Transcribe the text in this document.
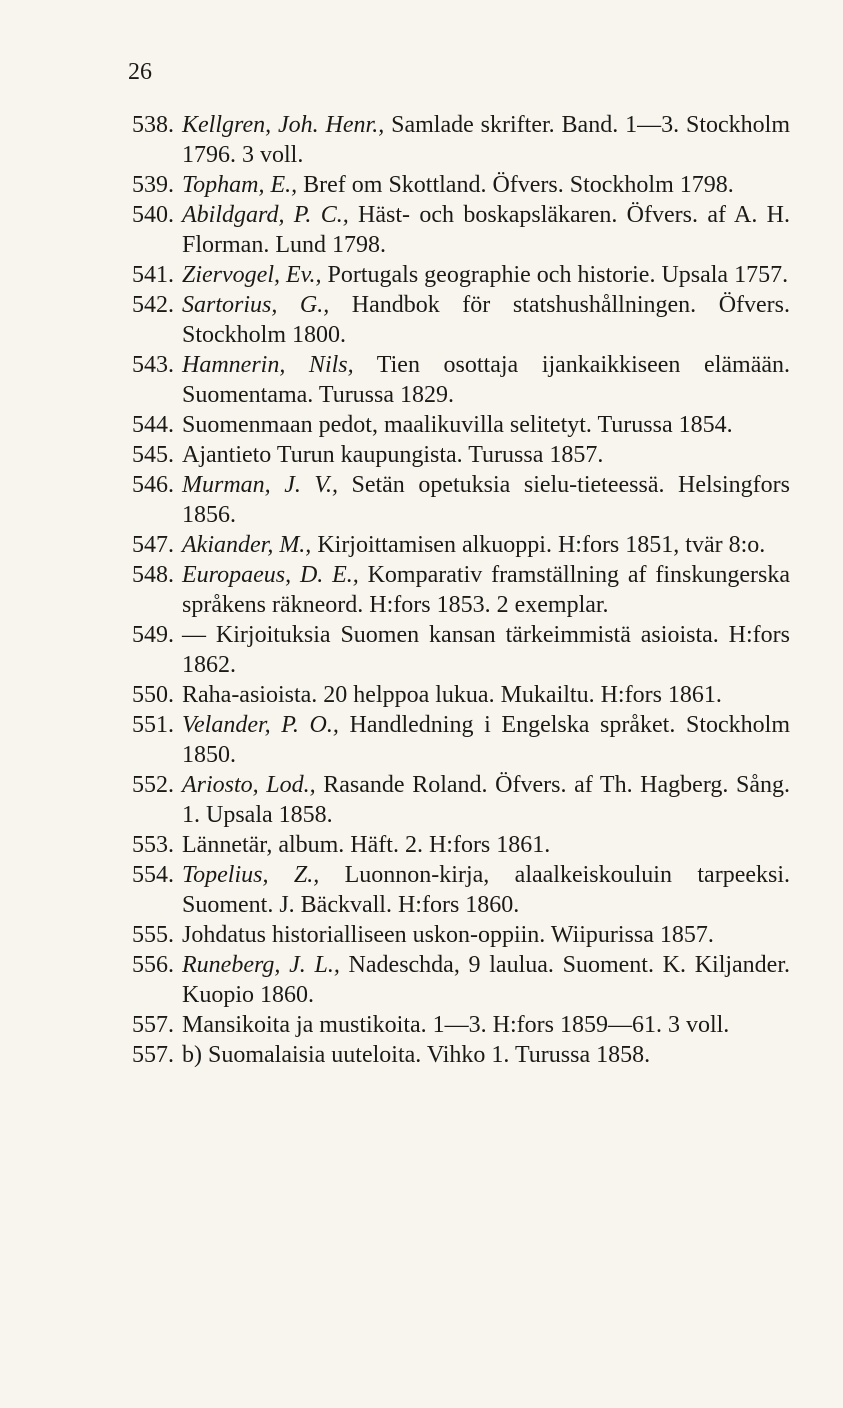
26
538. Kellgren, Joh. Henr., Samlade skrifter. Band. 1—3. Stockholm 1796. 3 voll.
539. Topham, E., Bref om Skottland. Öfvers. Stockholm 1798.
540. Abildgard, P. C., Häst- och boskapsläkaren. Öfvers. af A. H. Florman. Lund 1798.
541. Ziervogel, Ev., Portugals geographie och historie. Upsala 1757.
542. Sartorius, G., Handbok för statshushållningen. Öfvers. Stockholm 1800.
543. Hamnerin, Nils, Tien osottaja ijankaikkiseen elämään. Suomentama. Turussa 1829.
544. Suomenmaan pedot, maalikuvilla selitetyt. Turussa 1854.
545. Ajantieto Turun kaupungista. Turussa 1857.
546. Murman, J. V., Setän opetuksia sielu-tieteessä. Helsingfors 1856.
547. Akiander, M., Kirjoittamisen alkuoppi. H:fors 1851, tvär 8:o.
548. Europaeus, D. E., Komparativ framställning af finskungerska språkens räkneord. H:fors 1853. 2 exemplar.
549. — Kirjoituksia Suomen kansan tärkeimmistä asioista. H:fors 1862.
550. Raha-asioista. 20 helppoa lukua. Mukailtu. H:fors 1861.
551. Velander, P. O., Handledning i Engelska språket. Stockholm 1850.
552. Ariosto, Lod., Rasande Roland. Öfvers. af Th. Hagberg. Sång. 1. Upsala 1858.
553. Lännetär, album. Häft. 2. H:fors 1861.
554. Topelius, Z., Luonnon-kirja, alaalkeiskouluin tarpeeksi. Suoment. J. Bäckvall. H:fors 1860.
555. Johdatus historialliseen uskon-oppiin. Wiipurissa 1857.
556. Runeberg, J. L., Nadeschda, 9 laulua. Suoment. K. Kiljander. Kuopio 1860.
557. Mansikoita ja mustikoita. 1—3. H:fors 1859—61. 3 voll.
557. b) Suomalaisia uuteloita. Vihko 1. Turussa 1858.
